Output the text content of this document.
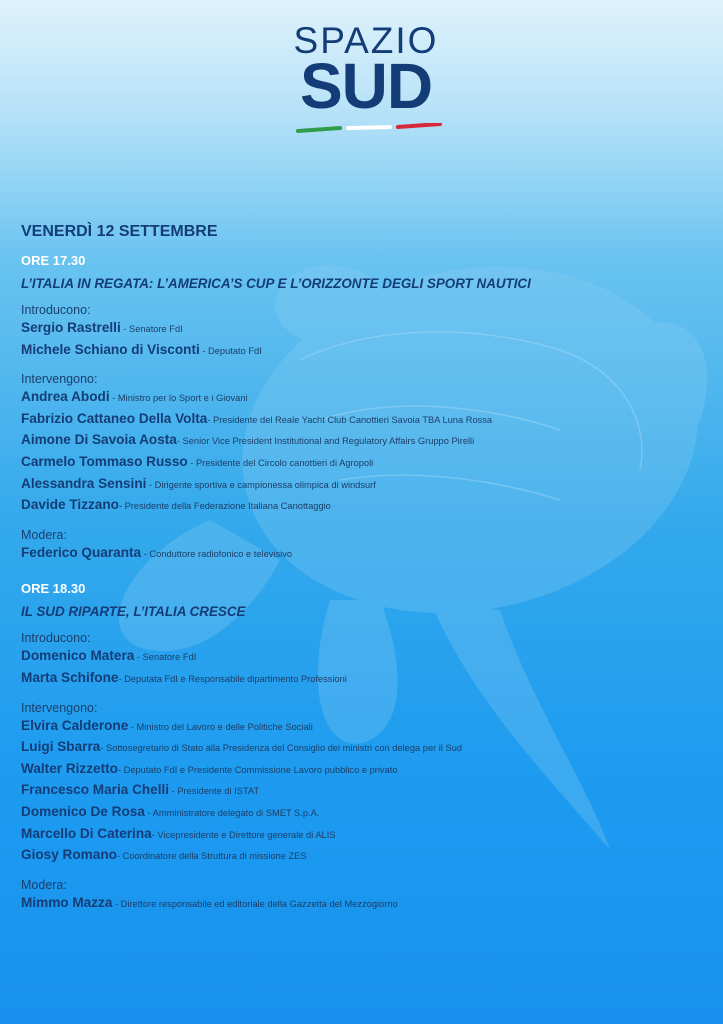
SPAZIO
SUD
VENERDÌ 12 SETTEMBRE
ORE 17.30
L’ITALIA IN REGATA: L’AMERICA’S CUP E L’ORIZZONTE DEGLI SPORT NAUTICI
Introducono:
Sergio Rastrelli - Senatore FdI
Michele Schiano di Visconti - Deputato FdI
Intervengono:
Andrea Abodi - Ministro per lo Sport e i Giovani
Fabrizio Cattaneo Della Volta- Presidente del Reale Yacht Club Canottieri Savoia TBA Luna Rossa
Aimone Di Savoia Aosta- Senior Vice President Institutional and Regulatory Affairs Gruppo Pirelli
Carmelo Tommaso Russo - Presidente del Circolo canottieri di Agropoli
Alessandra Sensini - Dirigente sportiva e campionessa olimpica di windsurf
Davide Tizzano- Presidente della Federazione Italiana Canottaggio
Modera:
Federico Quaranta - Conduttore radiofonico e televisivo
ORE 18.30
IL SUD RIPARTE, L’ITALIA CRESCE
Introducono:
Domenico Matera - Senatore FdI
Marta Schifone- Deputata FdI e Responsabile dipartimento Professioni
Intervengono:
Elvira Calderone - Ministro del Lavoro e delle Politiche Sociali
Luigi Sbarra- Sottosegretario di Stato alla Presidenza del Consiglio dei ministri con delega per il Sud
Walter Rizzetto- Deputato FdI e Presidente Commissione Lavoro pubblico e privato
Francesco Maria Chelli - Presidente di ISTAT
Domenico De Rosa - Amministratore delegato di SMET S.p.A.
Marcello Di Caterina- Vicepresidente e Direttore generale di ALIS
Giosy Romano- Coordinatore della Struttura di missione ZES
Modera:
Mimmo Mazza - Direttore responsabile ed editoriale della Gazzetta del Mezzogiorno
